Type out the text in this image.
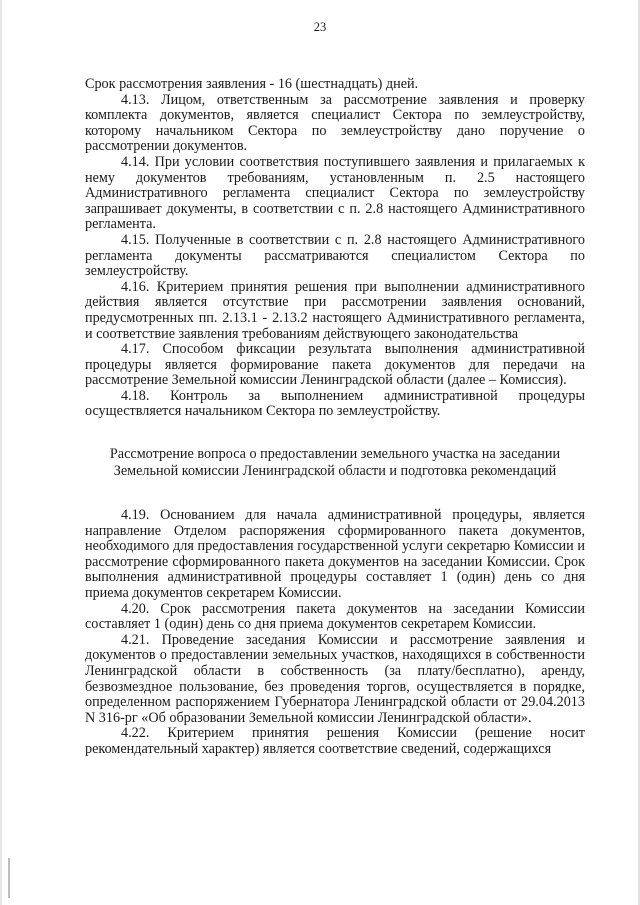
23

Срок рассмотрения заявления - 16 (шестнадцать) дней.

4.13. Лицом, ответственным за рассмотрение заявления и проверку комплекта документов, является специалист Сектора по землеустройству, которому начальником Сектора по землеустройству дано поручение о рассмотрении документов.

4.14. При условии соответствия поступившего заявления и прилагаемых к нему документов требованиям, установленным п. 2.5 настоящего Административного регламента специалист Сектора по землеустройству запрашивает документы, в соответствии с п. 2.8 настоящего Административного регламента.

4.15. Полученные в соответствии с п. 2.8 настоящего Административного регламента документы рассматриваются специалистом Сектора по землеустройству.

4.16. Критерием принятия решения при выполнении административного действия является отсутствие при рассмотрении заявления оснований, предусмотренных пп. 2.13.1 - 2.13.2 настоящего Административного регламента, и соответствие заявления требованиям действующего законодательства

4.17. Способом фиксации результата выполнения административной процедуры является формирование пакета документов для передачи на рассмотрение Земельной комиссии Ленинградской области (далее – Комиссия).

4.18. Контроль за выполнением административной процедуры осуществляется начальником Сектора по землеустройству.

Рассмотрение вопроса о предоставлении земельного участка на заседании

Земельной комиссии Ленинградской области и подготовка рекомендаций

4.19. Основанием для начала административной процедуры, является направление Отделом распоряжения сформированного пакета документов, необходимого для предоставления государственной услуги секретарю Комиссии и рассмотрение сформированного пакета документов на заседании Комиссии. Срок выполнения административной процедуры составляет 1 (один) день со дня приема документов секретарем Комиссии.

4.20. Срок рассмотрения пакета документов на заседании Комиссии составляет 1 (один) день со дня приема документов секретарем Комиссии.

4.21. Проведение заседания Комиссии и рассмотрение заявления и документов о предоставлении земельных участков, находящихся в собственности Ленинградской области в собственность (за плату/бесплатно), аренду, безвозмездное пользование, без проведения торгов, осуществляется в порядке, определенном распоряжением Губернатора Ленинградской области от 29.04.2013 N 316-рг «Об образовании Земельной комиссии Ленинградской области».

4.22. Критерием принятия решения Комиссии (решение носит рекомендательный характер) является соответствие сведений, содержащихся
